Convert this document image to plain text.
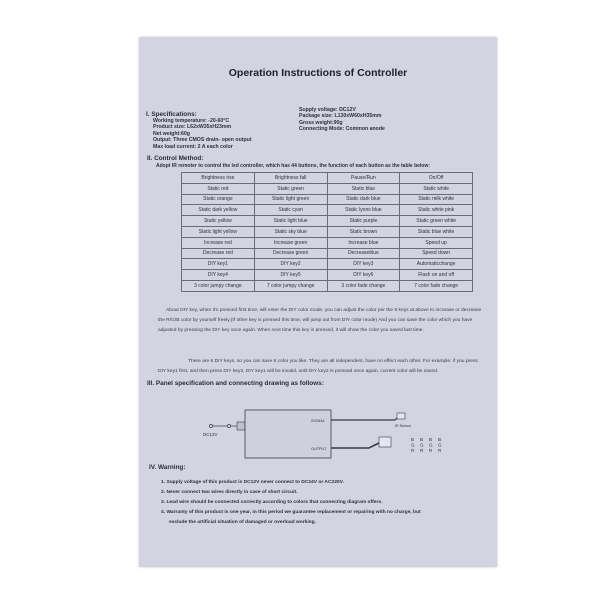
Operation Instructions of Controller
I. Specifications:
Working temperature: -20-60°C
Product size: L62xW35xH23mm
Net weight:60g
Output: Three CMOS drain- open output
Max load current: 2 A each color
Supply voltage: DC12V
Package size: L130xW60xH35mm
Gross weight:90g
Connecting Mode: Common anode
II. Control Method:
Adopt IR remoter to control the led controller, which has 44 buttons, the function of each button as the table below:
Brightness rise	Brightness fall	Pause/Run	On/Off
Static red	Static green	Static blue	Static white
Static orange	Static light green	Static dark blue	Static milk white
Static dark yellow	Static cyan	Static lyons blue	Static white pink
Static yellow	Static light blue	Static purple	Static green white
Static light yellow	Static sky blue	Static brown	Static blue white
Increase red	Increase green	Increase blue	Speed up
Decrease red	Decrease green	Decreaseblue	Speed down
DIY key1	DIY key2	DIY key3	Automaticchange
DIY key4	DIY key5	DIY key6	Flash on and off
3 color jumpy change	7 color jumpy change	3 color fade change	7 color fade change
About DIY key, when it's pressed first time, will enter the DIY color mode, you can adjust the color per the 6 keys at above to increase or decrease the R/G/B color by yourself freely.(If other key is pressed this time, will jump out from DIY color mode) And you can save the color which you have adjusted by pressing the DIY key once again. When next time this key is pressed, it will show the color you saved last time.
There are 6 DIY keys, so you can save 6 color you like. They are all independent, have no effect each other. For example: if you press DIY key1 first, and then press DIY key2, DIY key1 will be invalid, until DIY key2 is pressed once again, current color will be saved.
III. Panel specification and connecting drawing as follows:
DC12V
SIGNAL
OUTPUT
IR Sensor
B B B B
G G G G
R R R R
IV. Warning:
1. Supply voltage of this product is DC12V never connect to DC24V or AC220V.
2. Never connect two wires directly in case of short circuit.
3. Lead wire should be connected correctly according to colors that connecting diagram offers.
4. Warranty of this product is one year, in this period we guarantee replacement or repairing with no charge, but
exclude the artificial situation of damaged or overload working.
